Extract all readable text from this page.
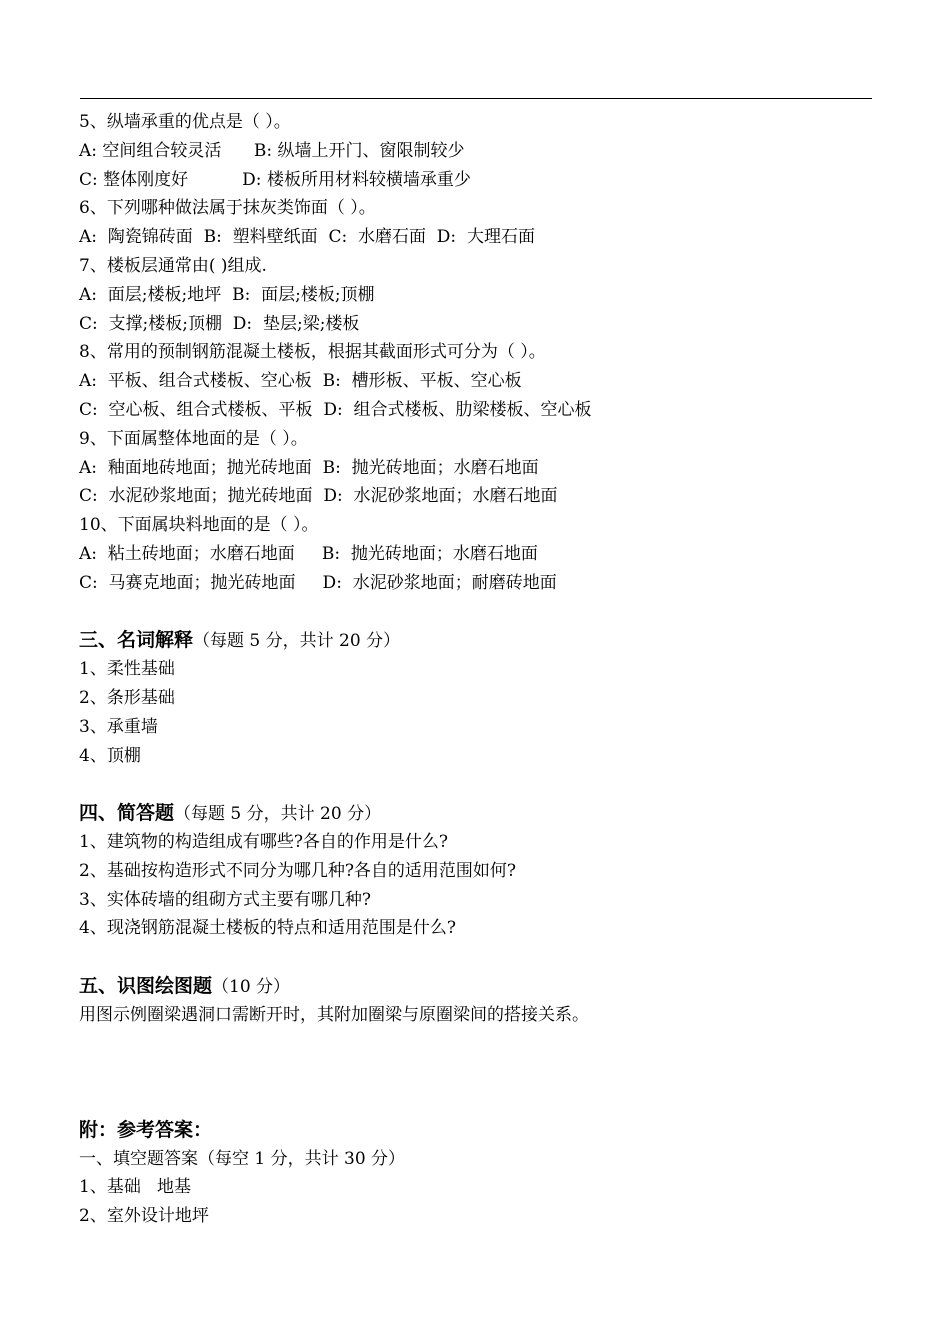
5、纵墙承重的优点是（ ）。
A: 空间组合较灵活      B: 纵墙上开门、窗限制较少
C: 整体刚度好          D: 楼板所用材料较横墙承重少
6、下列哪种做法属于抹灰类饰面（ ）。
A:  陶瓷锦砖面  B:  塑料壁纸面  C:  水磨石面  D:  大理石面
7、楼板层通常由( )组成.
A:  面层;楼板;地坪  B:  面层;楼板;顶棚
C:  支撑;楼板;顶棚  D:  垫层;梁;楼板
8、常用的预制钢筋混凝土楼板，根据其截面形式可分为（ ）。
A:  平板、组合式楼板、空心板  B:  槽形板、平板、空心板
C:  空心板、组合式楼板、平板  D:  组合式楼板、肋梁楼板、空心板
9、下面属整体地面的是（ ）。
A:  釉面地砖地面；抛光砖地面  B:  抛光砖地面；水磨石地面
C:  水泥砂浆地面；抛光砖地面  D:  水泥砂浆地面；水磨石地面
10、下面属块料地面的是（ ）。
A:  粘土砖地面；水磨石地面     B:  抛光砖地面；水磨石地面
C:  马赛克地面；抛光砖地面     D:  水泥砂浆地面；耐磨砖地面
三、名词解释（每题 5 分，共计 20 分）
1、柔性基础
2、条形基础
3、承重墙
4、顶棚
四、简答题（每题 5 分，共计 20 分）
1、建筑物的构造组成有哪些?各自的作用是什么?
2、基础按构造形式不同分为哪几种?各自的适用范围如何?
3、实体砖墙的组砌方式主要有哪几种?
4、现浇钢筋混凝土楼板的特点和适用范围是什么?
五、识图绘图题（10 分）
用图示例圈梁遇洞口需断开时，其附加圈梁与原圈梁间的搭接关系。
附：参考答案：
一、填空题答案（每空 1 分，共计 30 分）
1、基础   地基
2、室外设计地坪
